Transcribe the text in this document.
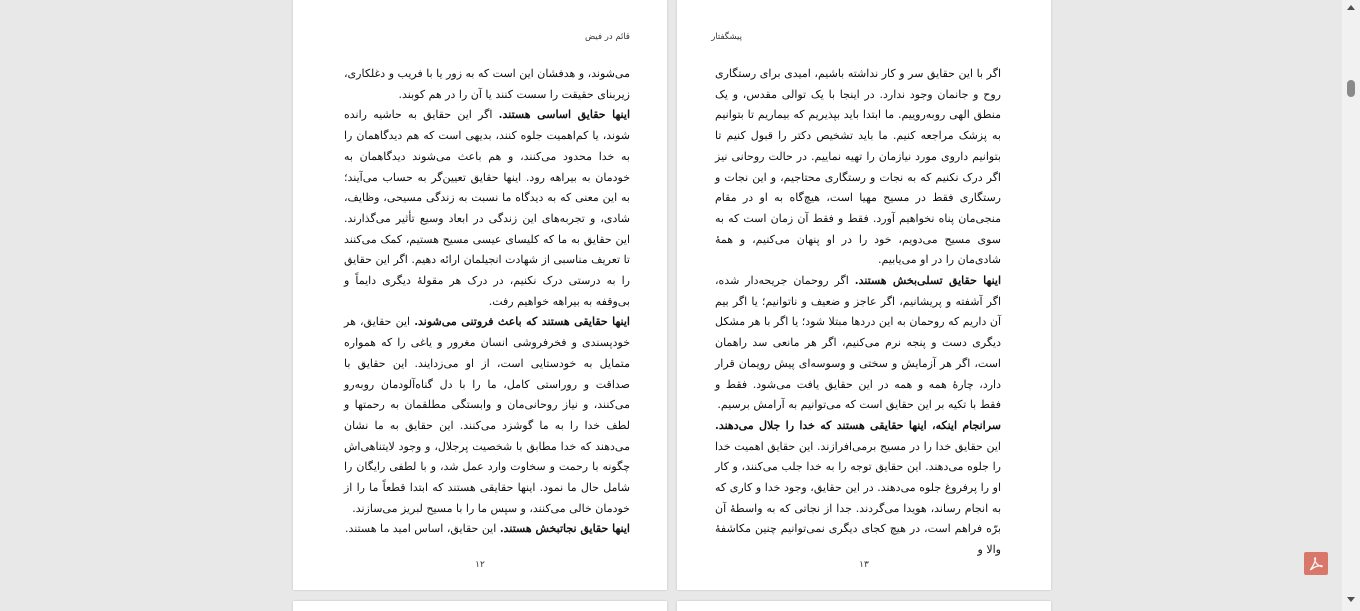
قائم در فیض

می‌شوند، و هدفشان این است که به زور یا با فریب و دغلکاری، زیربنای حقیقت را سست کنند یا آن را در هم کوبند.

اینها حقایق اساسی هستند. اگر این حقایق به حاشیه رانده شوند، یا کم‌اهمیت جلوه کنند، بدیهی است که هم دیدگاهمان را به خدا محدود می‌کنند، و هم باعث می‌شوند دیدگاهمان به خودمان به بیراهه رود. اینها حقایق تعیین‌گر به حساب می‌آیند؛ به این معنی که به دیدگاه ما نسبت به زندگی مسیحی، وظایف، شادی، و تجربه‌های این زندگی در ابعاد وسیع تأثیر می‌گذارند. این حقایق به ما که کلیسای عیسی مسیح هستیم، کمک می‌کنند تا تعریف مناسبی از شهادت انجیلمان ارائه دهیم. اگر این حقایق را به درستی درک نکنیم، در درک هر مقولهٔ دیگری دایماً و بی‌وقفه به بیراهه خواهیم رفت.

اینها حقایقی هستند که باعث فروتنی می‌شوند. این حقایق، هر خودپسندی و فخرفروشی انسان مغرور و یاغی را که همواره متمایل به خودستایی است، از او می‌زدایند. این حقایق با صداقت و روراستی کامل، ما را با دل گناه‌آلودمان روبه‌رو می‌کنند، و نیاز روحانی‌مان و وابستگی مطلقمان به رحمتها و لطف خدا را به ما گوشزد می‌کنند. این حقایق به ما نشان می‌دهند که خدا مطابق با شخصیت پرجلال، و وجود لایتناهی‌اش چگونه با رحمت و سخاوت وارد عمل شد، و با لطفی رایگان را شامل حال ما نمود. اینها حقایقی هستند که ابتدا قطعاً ما را از خودمان خالی می‌کنند، و سپس ما را با مسیح لبریز می‌سازند.

اینها حقایق نجاتبخش هستند. این حقایق، اساس امید ما هستند.

۱۲
پیشگفتار

اگر با این حقایق سر و کار نداشته باشیم، امیدی برای رستگاری روح و جانمان وجود ندارد. در اینجا با یک توالی مقدس، و یک منطق الهی روبه‌روییم. ما ابتدا باید بپذیریم که بیماریم تا بتوانیم به پزشک مراجعه کنیم. ما باید تشخیص دکتر را قبول کنیم تا بتوانیم داروی مورد نیازمان را تهیه نماییم. در حالت روحانی نیز اگر درک نکنیم که به نجات و رستگاری محتاجیم، و این نجات و رستگاری فقط در مسیح مهیا است، هیچ‌گاه به او در مقام منجی‌مان پناه نخواهیم آورد. فقط و فقط آن زمان است که به سوی مسیح می‌دویم، خود را در او پنهان می‌کنیم، و همهٔ شادی‌مان را در او می‌یابیم.

اینها حقایق تسلی‌بخش هستند. اگر روحمان جریحه‌دار شده، اگر آشفته و پریشانیم، اگر عاجز و ضعیف و ناتوانیم؛ یا اگر بیم آن داریم که روحمان به این دردها مبتلا شود؛ یا اگر با هر مشکل دیگری دست و پنجه نرم می‌کنیم، اگر هر مانعی سد راهمان است، اگر هر آزمایش و سختی و وسوسه‌ای پیش رویمان قرار دارد، چارهٔ همه و همه در این حقایق یافت می‌شود. فقط و فقط با تکیه بر این حقایق است که می‌توانیم به آرامش برسیم.

سرانجام اینکه، اینها حقایقی هستند که خدا را جلال می‌دهند. این حقایق خدا را در مسیح برمی‌افرازند. این حقایق اهمیت خدا را جلوه می‌دهند. این حقایق توجه را به خدا جلب می‌کنند، و کار او را پرفروغ جلوه می‌دهند. در این حقایق، وجود خدا و کاری که به انجام رساند، هویدا می‌گردند. جدا از نجاتی که به واسطهٔ آن برّه فراهم است، در هیچ کجای دیگری نمی‌توانیم چنین مکاشفهٔ والا و

۱۳
